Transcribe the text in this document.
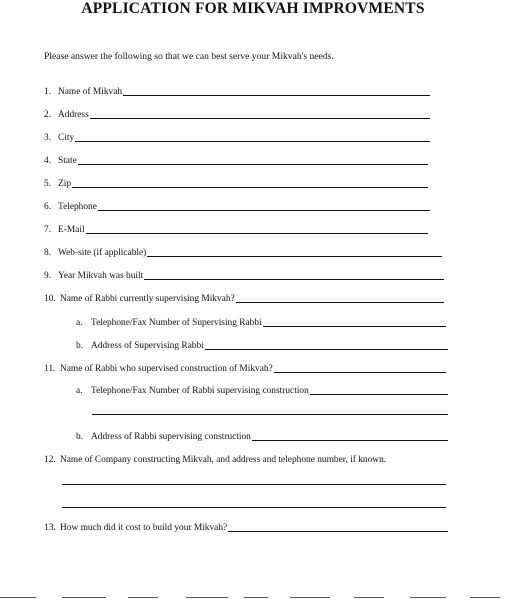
APPLICATION FOR MIKVAH IMPROVMENTS
Please answer the following so that we can best serve your Mikvah's needs.
1. Name of Mikvah
2. Address
3. City
4. State
5. Zip
6. Telephone
7. E-Mail
8. Web-site (if applicable)
9. Year Mikvah was built
10. Name of Rabbi currently supervising Mikvah?
a. Telephone/Fax Number of Supervising Rabbi
b. Address of Supervising Rabbi
11. Name of Rabbi who supervised construction of Mikvah?
a. Telephone/Fax Number of Rabbi supervising construction
b. Address of Rabbi supervising construction
12. Name of Company constructing Mikvah, and address and telephone number, if known.
13. How much did it cost to build your Mikvah?
